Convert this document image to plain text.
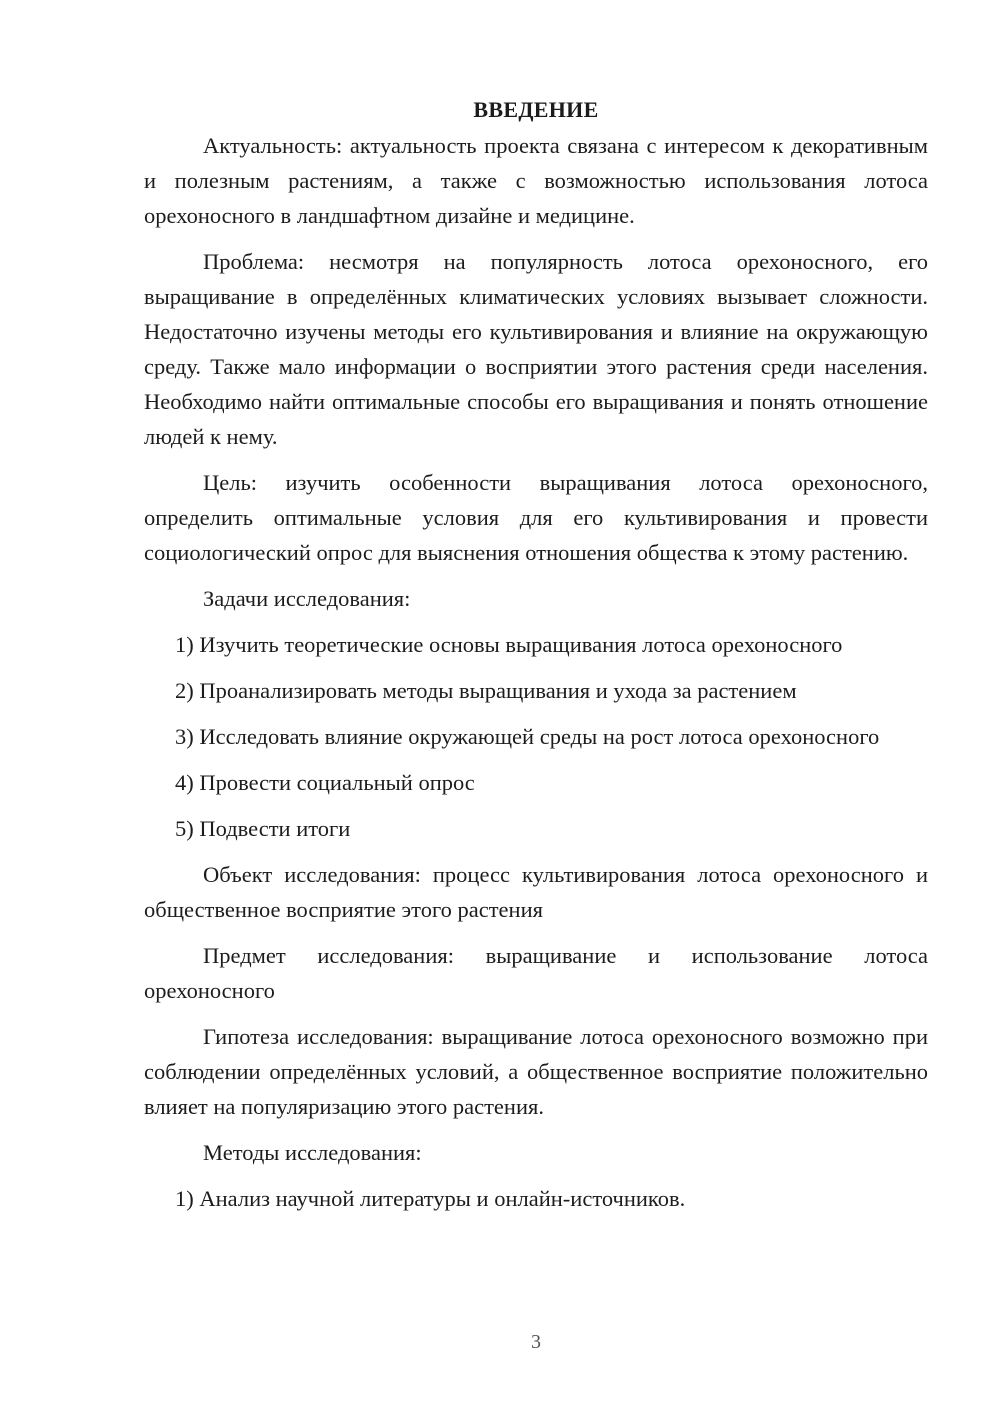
ВВЕДЕНИЕ

Актуальность: актуальность проекта связана с интересом к декоративным и полезным растениям, а также с возможностью использования лотоса орехоносного в ландшафтном дизайне и медицине.

Проблема: несмотря на популярность лотоса орехоносного, его выращивание в определённых климатических условиях вызывает сложности. Недостаточно изучены методы его культивирования и влияние на окружающую среду. Также мало информации о восприятии этого растения среди населения. Необходимо найти оптимальные способы его выращивания и понять отношение людей к нему.

Цель: изучить особенности выращивания лотоса орехоносного, определить оптимальные условия для его культивирования и провести социологический опрос для выяснения отношения общества к этому растению.

Задачи исследования:

1) Изучить теоретические основы выращивания лотоса орехоносного

2) Проанализировать методы выращивания и ухода за растением

3) Исследовать влияние окружающей среды на рост лотоса орехоносного

4) Провести социальный опрос

5) Подвести итоги

Объект исследования: процесс культивирования лотоса орехоносного и общественное восприятие этого растения

Предмет исследования: выращивание и использование лотоса орехоносного

Гипотеза исследования: выращивание лотоса орехоносного возможно при соблюдении определённых условий, а общественное восприятие положительно влияет на популяризацию этого растения.

Методы исследования:

1) Анализ научной литературы и онлайн-источников.

3
